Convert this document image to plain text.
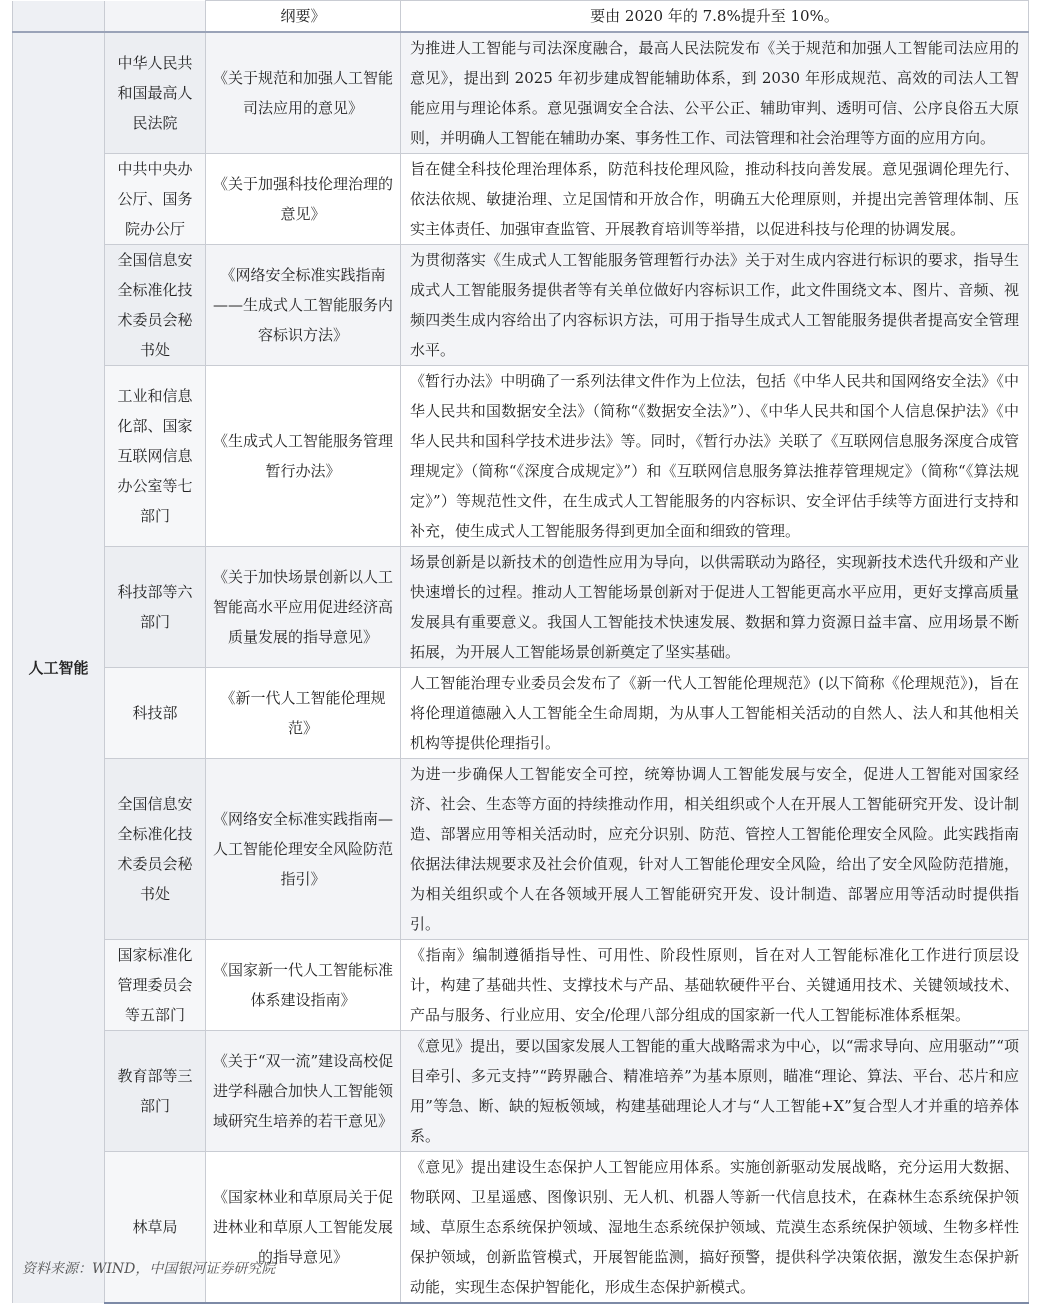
		纲要》	要由 2020 年的 7.8%提升至 10%。
人工智能	中华人民共和国最高人民法院	《关于规范和加强人工智能司法应用的意见》	为推进人工智能与司法深度融合，最高人民法院发布《关于规范和加强人工智能司法应用的意见》，提出到 2025 年初步建成智能辅助体系，到 2030 年形成规范、高效的司法人工智能应用与理论体系。意见强调安全合法、公平公正、辅助审判、透明可信、公序良俗五大原则，并明确人工智能在辅助办案、事务性工作、司法管理和社会治理等方面的应用方向。
	中共中央办公厅、国务院办公厅	《关于加强科技伦理治理的意见》	旨在健全科技伦理治理体系，防范科技伦理风险，推动科技向善发展。意见强调伦理先行、依法依规、敏捷治理、立足国情和开放合作，明确五大伦理原则，并提出完善管理体制、压实主体责任、加强审查监管、开展教育培训等举措，以促进科技与伦理的协调发展。
	全国信息安全标准化技术委员会秘书处	《网络安全标准实践指南——生成式人工智能服务内容标识方法》	为贯彻落实《生成式人工智能服务管理暂行办法》关于对生成内容进行标识的要求，指导生成式人工智能服务提供者等有关单位做好内容标识工作，此文件围绕文本、图片、音频、视频四类生成内容给出了内容标识方法，可用于指导生成式人工智能服务提供者提高安全管理水平。
	工业和信息化部、国家互联网信息办公室等七部门	《生成式人工智能服务管理暂行办法》	《暂行办法》中明确了一系列法律文件作为上位法，包括《中华人民共和国网络安全法》《中华人民共和国数据安全法》（简称“《数据安全法》”）、《中华人民共和国个人信息保护法》《中华人民共和国科学技术进步法》等。同时，《暂行办法》关联了《互联网信息服务深度合成管理规定》（简称“《深度合成规定》”）和《互联网信息服务算法推荐管理规定》（简称“《算法规定》”）等规范性文件，在生成式人工智能服务的内容标识、安全评估手续等方面进行支持和补充，使生成式人工智能服务得到更加全面和细致的管理。
	科技部等六部门	《关于加快场景创新以人工智能高水平应用促进经济高质量发展的指导意见》	场景创新是以新技术的创造性应用为导向，以供需联动为路径，实现新技术迭代升级和产业快速增长的过程。推动人工智能场景创新对于促进人工智能更高水平应用，更好支撑高质量发展具有重要意义。我国人工智能技术快速发展、数据和算力资源日益丰富、应用场景不断拓展，为开展人工智能场景创新奠定了坚实基础。
	科技部	《新一代人工智能伦理规范》	人工智能治理专业委员会发布了《新一代人工智能伦理规范》(以下简称《伦理规范》)，旨在将伦理道德融入人工智能全生命周期，为从事人工智能相关活动的自然人、法人和其他相关机构等提供伦理指引。
	全国信息安全标准化技术委员会秘书处	《网络安全标准实践指南—人工智能伦理安全风险防范指引》	为进一步确保人工智能安全可控，统筹协调人工智能发展与安全，促进人工智能对国家经济、社会、生态等方面的持续推动作用，相关组织或个人在开展人工智能研究开发、设计制造、部署应用等相关活动时，应充分识别、防范、管控人工智能伦理安全风险。此实践指南依据法律法规要求及社会价值观，针对人工智能伦理安全风险，给出了安全风险防范措施，为相关组织或个人在各领域开展人工智能研究开发、设计制造、部署应用等活动时提供指引。
	国家标准化管理委员会等五部门	《国家新一代人工智能标准体系建设指南》	《指南》编制遵循指导性、可用性、阶段性原则，旨在对人工智能标准化工作进行顶层设计，构建了基础共性、支撑技术与产品、基础软硬件平台、关键通用技术、关键领域技术、产品与服务、行业应用、安全/伦理八部分组成的国家新一代人工智能标准体系框架。
	教育部等三部门	《关于“双一流”建设高校促进学科融合加快人工智能领域研究生培养的若干意见》	《意见》提出，要以国家发展人工智能的重大战略需求为中心，以“需求导向、应用驱动”“项目牵引、多元支持”“跨界融合、精准培养”为基本原则，瞄准“理论、算法、平台、芯片和应用”等急、断、缺的短板领域，构建基础理论人才与“人工智能+X”复合型人才并重的培养体系。
	林草局	《国家林业和草原局关于促进林业和草原人工智能发展的指导意见》	《意见》提出建设生态保护人工智能应用体系。实施创新驱动发展战略，充分运用大数据、物联网、卫星遥感、图像识别、无人机、机器人等新一代信息技术，在森林生态系统保护领域、草原生态系统保护领域、湿地生态系统保护领域、荒漠生态系统保护领域、生物多样性保护领域，创新监管模式，开展智能监测，搞好预警，提供科学决策依据，激发生态保护新动能，实现生态保护智能化，形成生态保护新模式。
资料来源：WIND，中国银河证券研究院
